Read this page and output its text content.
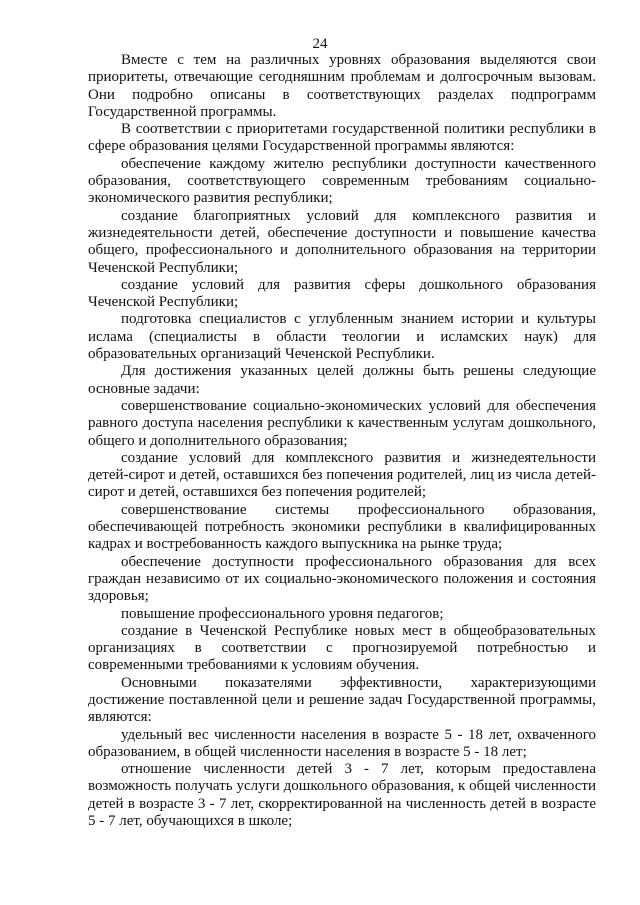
24

Вместе с тем на различных уровнях образования выделяются свои приоритеты, отвечающие сегодняшним проблемам и долгосрочным вызовам. Они подробно описаны в соответствующих разделах подпрограмм Государственной программы.

В соответствии с приоритетами государственной политики республики в сфере образования целями Государственной программы являются:

обеспечение каждому жителю республики доступности качественного образования, соответствующего современным требованиям социально-экономического развития республики;

создание благоприятных условий для комплексного развития и жизнедеятельности детей, обеспечение доступности и повышение качества общего, профессионального и дополнительного образования на территории Чеченской Республики;

создание условий для развития сферы дошкольного образования Чеченской Республики;

подготовка специалистов с углубленным знанием истории и культуры ислама (специалисты в области теологии и исламских наук) для образовательных организаций Чеченской Республики.

Для достижения указанных целей должны быть решены следующие основные задачи:

совершенствование социально-экономических условий для обеспечения равного доступа населения республики к качественным услугам дошкольного, общего и дополнительного образования;

создание условий для комплексного развития и жизнедеятельности детей-сирот и детей, оставшихся без попечения родителей, лиц из числа детей-сирот и детей, оставшихся без попечения родителей;

совершенствование системы профессионального образования, обеспечивающей потребность экономики республики в квалифицированных кадрах и востребованность каждого выпускника на рынке труда;

обеспечение доступности профессионального образования для всех граждан независимо от их социально-экономического положения и состояния здоровья;

повышение профессионального уровня педагогов;

создание в Чеченской Республике новых мест в общеобразовательных организациях в соответствии с прогнозируемой потребностью и современными требованиями к условиям обучения.

Основными показателями эффективности, характеризующими достижение поставленной цели и решение задач Государственной программы, являются:

удельный вес численности населения в возрасте 5 - 18 лет, охваченного образованием, в общей численности населения в возрасте 5 - 18 лет;

отношение численности детей 3 - 7 лет, которым предоставлена возможность получать услуги дошкольного образования, к общей численности детей в возрасте 3 - 7 лет, скорректированной на численность детей в возрасте 5 - 7 лет, обучающихся в школе;
